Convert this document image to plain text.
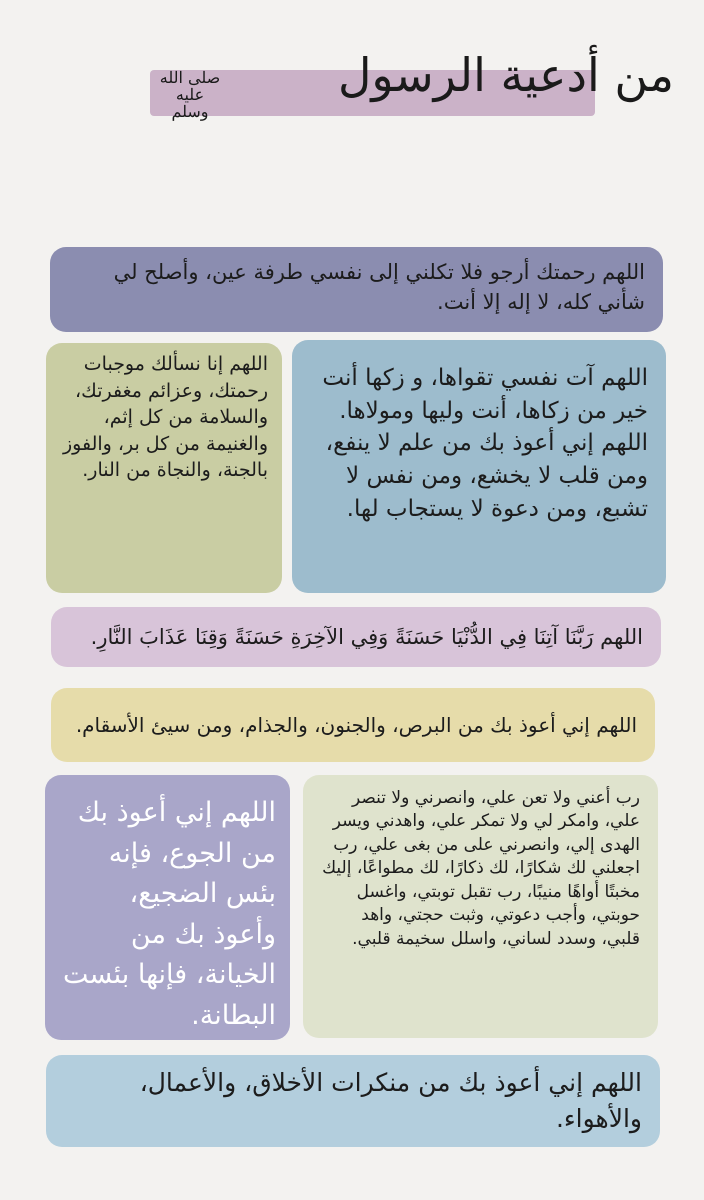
من أدعية الرسول
صلى الله
عليه
وسلم
اللهم رحمتك أرجو فلا تكلني إلى نفسي طرفة عين، وأصلح لي شأني كله، لا إله إلا أنت.
اللهم إنا نسألك موجبات رحمتك، وعزائم مغفرتك، والسلامة من كل إثم، والغنيمة من كل بر، والفوز بالجنة، والنجاة من النار.
اللهم آت نفسي تقواها، و زكها أنت خير من زكاها، أنت وليها ومولاها. اللهم إني أعوذ بك من علم لا ينفع، ومن قلب لا يخشع، ومن نفس لا تشبع، ومن دعوة لا يستجاب لها.
اللهم رَبَّنَا آتِنَا فِي الدُّنْيَا حَسَنَةً وَفِي الآخِرَةِ حَسَنَةً وَقِنَا عَذَابَ النَّارِ.
اللهم إني أعوذ بك من البرص، والجنون، والجذام، ومن سيئ الأسقام.
اللهم إني أعوذ بك من الجوع، فإنه بئس الضجيع، وأعوذ بك من الخيانة، فإنها بئست البطانة.
رب أعني ولا تعن علي، وانصرني ولا تنصر علي، وامكر لي ولا تمكر علي، واهدني ويسر الهدى إلي، وانصرني على من بغى علي، رب اجعلني لك شكارًا، لك ذكارًا، لك مطواعًا، إليك مخبتًا أواهًا منيبًا، رب تقبل توبتي، واغسل حوبتي، وأجب دعوتي، وثبت حجتي، واهد قلبي، وسدد لساني، واسلل سخيمة قلبي.
اللهم إني أعوذ بك من منكرات الأخلاق، والأعمال، والأهواء.
